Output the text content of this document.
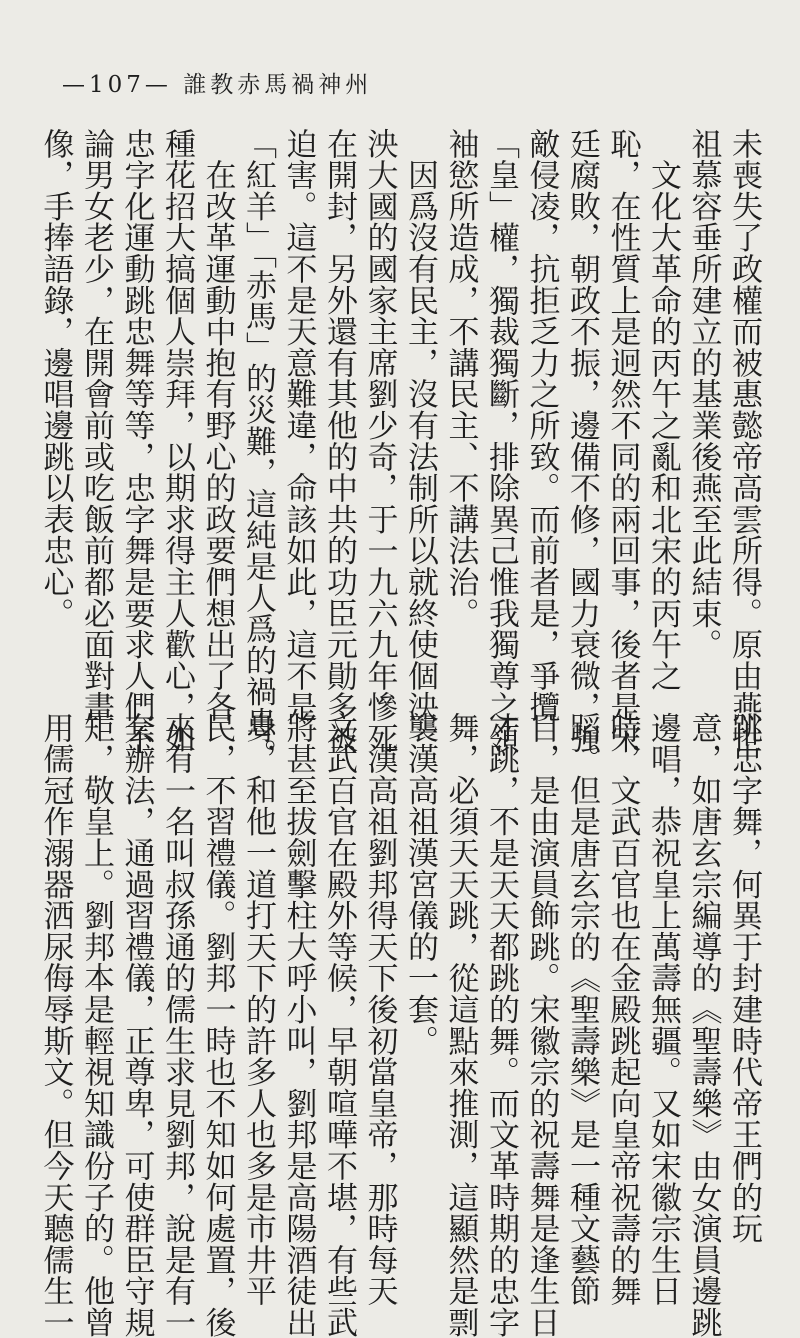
—107— 誰教赤馬禍神州
未喪失了政權而被惠懿帝高雲所得。原由燕世
祖慕容垂所建立的基業後燕至此結束。
　文化大革命的丙午之亂和北宋的丙午之
恥，在性質上是迥然不同的兩回事，後者是宋
廷腐敗，朝政不振，邊備不修，國力衰微，強
敵侵凌，抗拒乏力之所致。而前者是，爭攬
「皇」權，獨裁獨斷，排除異己惟我獨尊之領
袖慾所造成，不講民主、不講法治。
　因爲沒有民主，沒有法制所以就終使個泱
泱大國的國家主席劉少奇，于一九六九年慘死
在開封，另外還有其他的中共的功臣元勛多被
迫害。這不是天意難違，命該如此，這不是
「紅羊」「赤馬」的災難，這純是人爲的禍患。
　在改革運動中抱有野心的政要們想出了各
種花招大搞個人崇拜，以期求得主人歡心，如
忠字化運動跳忠舞等等，忠字舞是要求人們不
論男女老少，在開會前或吃飯前都必面對畫
像，手捧語錄，邊唱邊跳以表忠心。
跳忠字舞，何異于封建時代帝王們的玩
意，如唐玄宗編導的《聖壽樂》由女演員邊跳
邊唱，恭祝皇上萬壽無疆。又如宋徽宗生日
時，文武百官也在金殿跳起向皇帝祝壽的舞
蹈。但是唐玄宗的《聖壽樂》是一種文藝節
目，是由演員飾跳。宋徽宗的祝壽舞是逢生日
才跳，不是天天都跳的舞。而文革時期的忠字
舞，必須天天跳，從這點來推測，這顯然是剽
襲漢高祖漢宮儀的一套。
　漢高祖劉邦得天下後初當皇帝，那時每天
文武百官在殿外等候，早朝喧嘩不堪，有些武
將甚至拔劍擊柱大呼小叫，劉邦是高陽酒徒出
身，和他一道打天下的許多人也多是市井平
民，不習禮儀。劉邦一時也不知如何處置，後
來有一名叫叔孫通的儒生求見劉邦，說是有一
套辦法，通過習禮儀，正尊卑，可使群臣守規
矩，敬皇上。劉邦本是輕視知識份子的。他曾
用儒冠作溺器洒尿侮辱斯文。但今天聽儒生一
